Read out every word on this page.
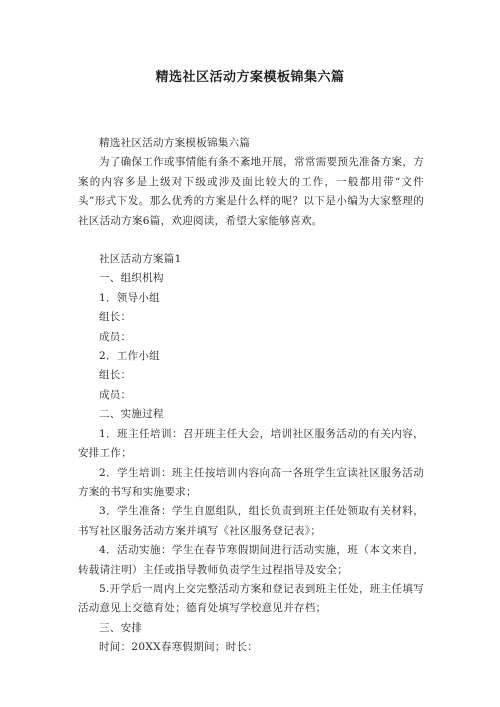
精选社区活动方案模板锦集六篇

精选社区活动方案模板锦集六篇

为了确保工作或事情能有条不紊地开展，常常需要预先准备方案，方案的内容多是上级对下级或涉及面比较大的工作，一般都用带“文件头”形式下发。那么优秀的方案是什么样的呢？以下是小编为大家整理的社区活动方案6篇，欢迎阅读，希望大家能够喜欢。

社区活动方案篇1

一、组织机构

1．领导小组

组长：

成员：

2．工作小组

组长：

成员：

二、实施过程

1．班主任培训：召开班主任大会，培训社区服务活动的有关内容，安排工作；

2．学生培训：班主任按培训内容向高一各班学生宣读社区服务活动方案的书写和实施要求；

3．学生准备：学生自愿组队，组长负责到班主任处领取有关材料，书写社区服务活动方案并填写《社区服务登记表》；

4．活动实施：学生在春节寒假期间进行活动实施，班（本文来自，转载请注明）主任或指导教师负责学生过程指导及安全；

5.开学后一周内上交完整活动方案和登记表到班主任处，班主任填写活动意见上交德育处；德育处填写学校意见并存档；

三、安排

时间：20XX春寒假期间；时长：
